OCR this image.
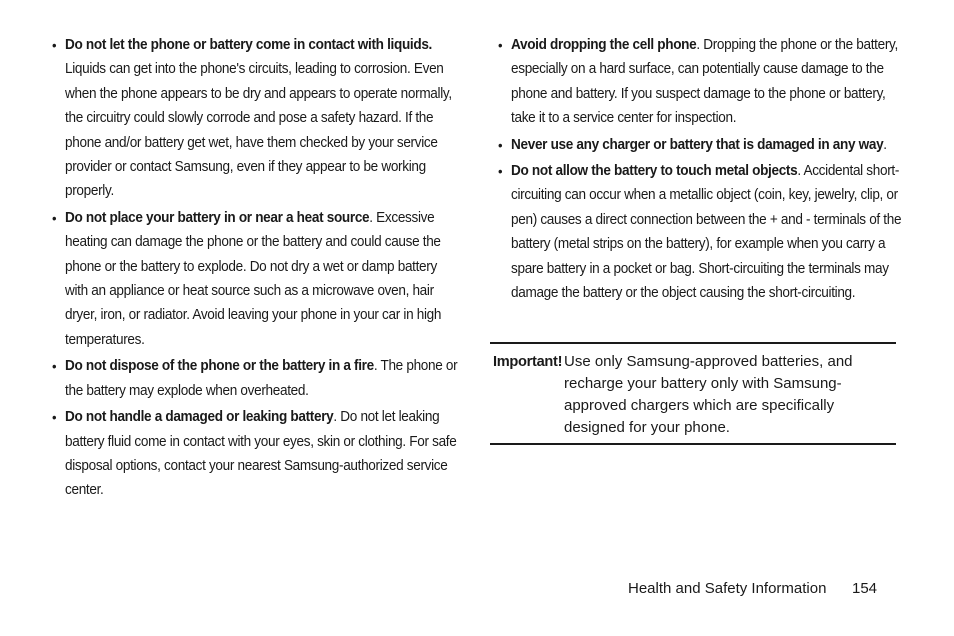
• Do not let the phone or battery come in contact with liquids. Liquids can get into the phone's circuits, leading to corrosion. Even when the phone appears to be dry and appears to operate normally, the circuitry could slowly corrode and pose a safety hazard. If the phone and/or battery get wet, have them checked by your service provider or contact Samsung, even if they appear to be working properly.
• Do not place your battery in or near a heat source. Excessive heating can damage the phone or the battery and could cause the phone or the battery to explode. Do not dry a wet or damp battery with an appliance or heat source such as a microwave oven, hair dryer, iron, or radiator. Avoid leaving your phone in your car in high temperatures.
• Do not dispose of the phone or the battery in a fire. The phone or the battery may explode when overheated.
• Do not handle a damaged or leaking battery. Do not let leaking battery fluid come in contact with your eyes, skin or clothing. For safe disposal options, contact your nearest Samsung-authorized service center.
• Avoid dropping the cell phone. Dropping the phone or the battery, especially on a hard surface, can potentially cause damage to the phone and battery. If you suspect damage to the phone or battery, take it to a service center for inspection.
• Never use any charger or battery that is damaged in any way.
• Do not allow the battery to touch metal objects. Accidental short-circuiting can occur when a metallic object (coin, key, jewelry, clip, or pen) causes a direct connection between the + and - terminals of the battery (metal strips on the battery), for example when you carry a spare battery in a pocket or bag. Short-circuiting the terminals may damage the battery or the object causing the short-circuiting.
Important! Use only Samsung-approved batteries, and recharge your battery only with Samsung-approved chargers which are specifically designed for your phone.
Health and Safety Information 154
